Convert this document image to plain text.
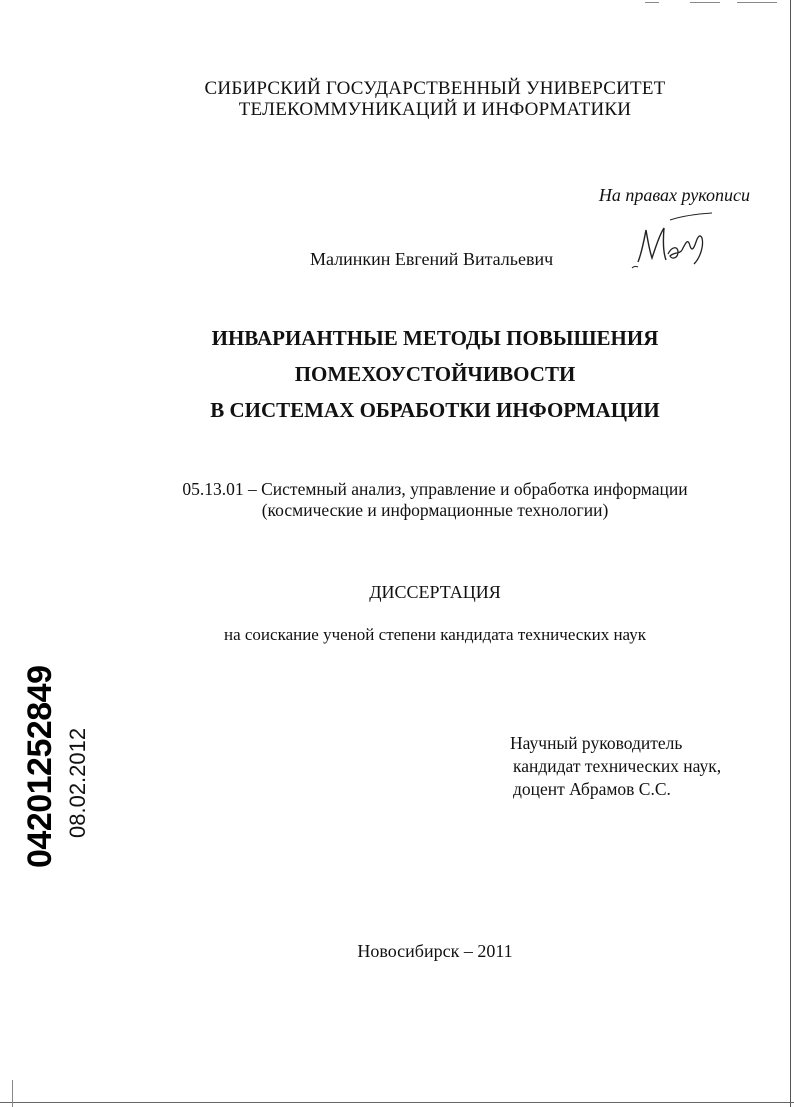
СИБИРСКИЙ ГОСУДАРСТВЕННЫЙ УНИВЕРСИТЕТ
ТЕЛЕКОММУНИКАЦИЙ И ИНФОРМАТИКИ
На правах рукописи
Малинкин Евгений Витальевич
ИНВАРИАНТНЫЕ МЕТОДЫ ПОВЫШЕНИЯ
ПОМЕХОУСТОЙЧИВОСТИ
В СИСТЕМАХ ОБРАБОТКИ ИНФОРМАЦИИ
05.13.01 – Системный анализ, управление и обработка информации
(космические и информационные технологии)
ДИССЕРТАЦИЯ
на соискание ученой степени кандидата технических наук
04201252849 08.02.2012	Научный руководитель
кандидат технических наук,
доцент Абрамов С.С.
Новосибирск – 2011
